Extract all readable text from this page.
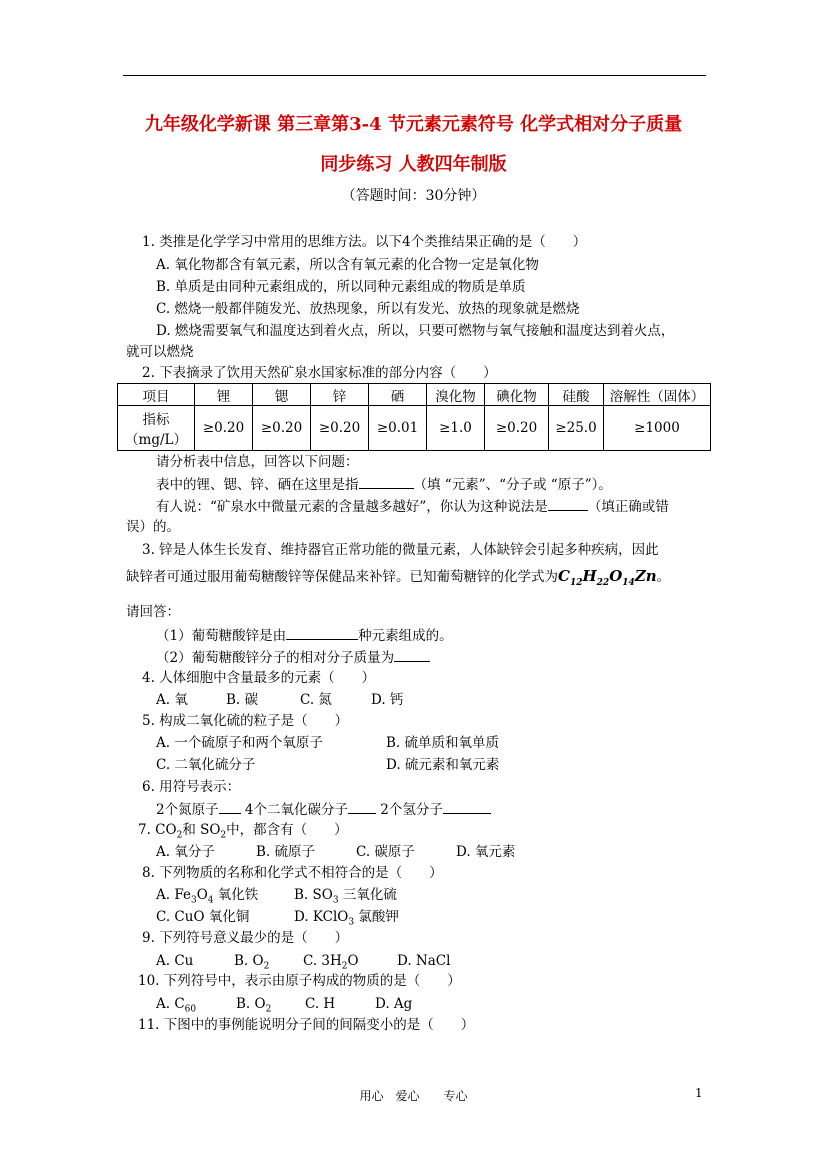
九年级化学新课 第三章第3-4 节元素元素符号 化学式相对分子质量
同步练习 人教四年制版
（答题时间：30分钟）
1. 类推是化学学习中常用的思维方法。以下4个类推结果正确的是（　　）
A. 氧化物都含有氧元素，所以含有氧元素的化合物一定是氧化物
B. 单质是由同种元素组成的，所以同种元素组成的物质是单质
C. 燃烧一般都伴随发光、放热现象，所以有发光、放热的现象就是燃烧
D. 燃烧需要氧气和温度达到着火点，所以，只要可燃物与氧气接触和温度达到着火点，
就可以燃烧
2. 下表摘录了饮用天然矿泉水国家标准的部分内容（　　）
项目	锂	锶	锌	硒	溴化物	碘化物	硅酸	溶解性（固体）

指标
（mg/L）	≥0.20	≥0.20	≥0.20	≥0.01	≥1.0	≥0.20	≥25.0	≥1000
请分析表中信息，回答以下问题：
表中的锂、锶、锌、硒在这里是指	（填 “元素”、“分子或 “原子”）。
有人说：“矿泉水中微量元素的含量越多越好”，你认为这种说法是	（填正确或错
误）的。
3. 锌是人体生长发育、维持器官正常功能的微量元素，人体缺锌会引起多种疾病，因此
缺锌者可通过服用葡萄糖酸锌等保健品来补锌。已知葡萄糖锌的化学式为$C_{12}H_{22}O_{14}Zn$。
请回答：
（1）葡萄糖酸锌是由	种元素组成的。
（2）葡萄糖酸锌分子的相对分子质量为
4. 人体细胞中含量最多的元素（　　）
A. 氧	B. 碳	C. 氮	D. 钙
5. 构成二氧化硫的粒子是（　　）
A. 一个硫原子和两个氧原子	B. 硫单质和氧单质
C. 二氧化硫分子	D. 硫元素和氧元素
6. 用符号表示：
2个氮原子 4个二氧化碳分子 2个氢分子
7. $CO_2$和 $SO_2$中，都含有（　　）
A. 氧分子	B. 硫原子	C. 碳原子	D. 氧元素
8. 下列物质的名称和化学式不相符合的是（　　）
A. $Fe_3O_4$ 氧化铁	B. $SO_3$ 三氧化硫
C. CuO 氧化铜	D. KClO$_3$ 氯酸钾
9. 下列符号意义最少的是（　　）
A. Cu	B. $O_2$ C. $3H_2O$	D. NaCl
10. 下列符号中，表示由原子构成的物质的是（　　）
A. $C_{60}$	B. $O_2$ C. H	D. Ag
11. 下图中的事例能说明分子间的间隔变小的是（　　）
用心　爱心　　专心	1
